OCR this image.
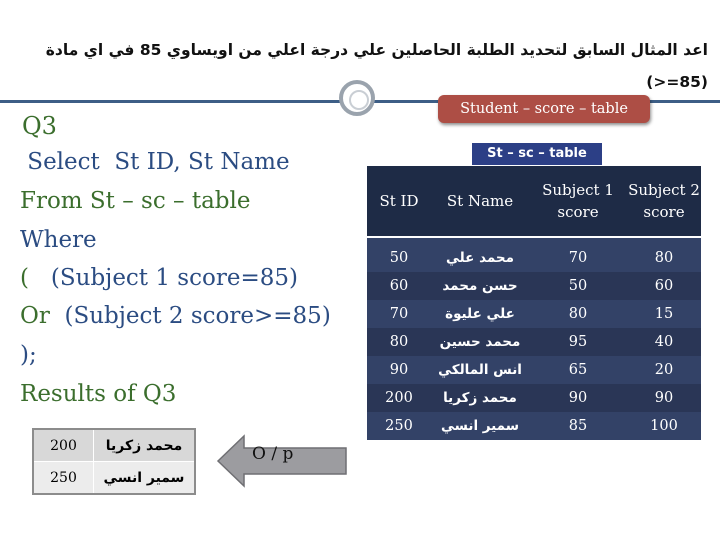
اعد المثال السابق لتحديد الطلبة الحاصلين علي درجة اعلي من اويساوي 85 في اي مادة (85=<)
Student – score – table
Q3
Select  St ID, St Name
From St – sc – table
Where
(   (Subject 1 score=85)
Or  (Subject 2 score>=85)
);
Results of Q3
200	محمد زكريا
250	سمير انسي
O / p
St – sc – table
St ID	St Name	Subject 1 score	Subject 2 score

50	محمد علي	70	80
60	حسن محمد	50	60
70	علي عليوة	80	15
80	محمد حسين	95	40
90	انس المالكي	65	20
200	محمد زكريا	90	90
250	سمير انسي	85	100
